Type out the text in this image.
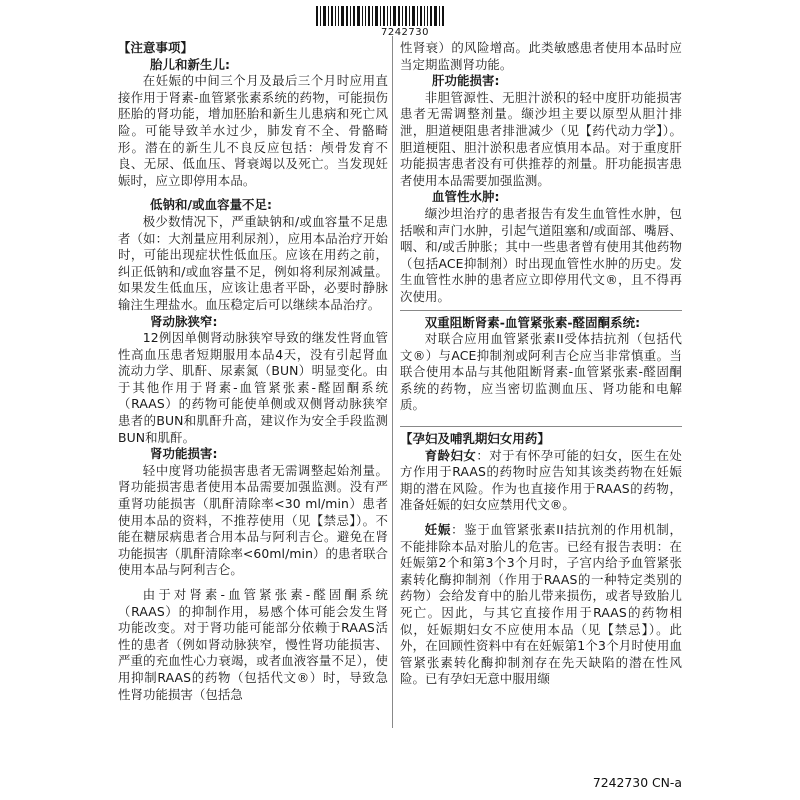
7242730

【注意事项】

胎儿和新生儿:

在妊娠的中间三个月及最后三个月时应用直接作用于肾素-血管紧张素系统的药物，可能损伤胚胎的肾功能，增加胚胎和新生儿患病和死亡风险。可能导致羊水过少，肺发育不全、骨骼畸形。潜在的新生儿不良反应包括：颅骨发育不良、无尿、低血压、肾衰竭以及死亡。当发现妊娠时，应立即停用本品。

低钠和/或血容量不足:

极少数情况下，严重缺钠和/或血容量不足患者（如：大剂量应用利尿剂），应用本品治疗开始时，可能出现症状性低血压。应该在用药之前，纠正低钠和/或血容量不足，例如将利尿剂减量。如果发生低血压，应该让患者平卧，必要时静脉输注生理盐水。血压稳定后可以继续本品治疗。

肾动脉狭窄:

12例因单侧肾动脉狭窄导致的继发性肾血管性高血压患者短期服用本品4天，没有引起肾血流动力学、肌酐、尿素氮（BUN）明显变化。由于其他作用于肾素-血管紧张素-醛固酮系统（RAAS）的药物可能使单侧或双侧肾动脉狭窄患者的BUN和肌酐升高，建议作为安全手段监测BUN和肌酐。

肾功能损害:

轻中度肾功能损害患者无需调整起始剂量。肾功能损害患者使用本品需要加强监测。没有严重肾功能损害（肌酐清除率<30 ml/min）患者使用本品的资料，不推荐使用（见【禁忌】）。不能在糖尿病患者合用本品与阿利吉仑。避免在肾功能损害（肌酐清除率<60ml/min）的患者联合使用本品与阿利吉仑。

由于对肾素-血管紧张素-醛固酮系统（RAAS）的抑制作用，易感个体可能会发生肾功能改变。对于肾功能可能部分依赖于RAAS活性的患者（例如肾动脉狭窄，慢性肾功能损害、严重的充血性心力衰竭，或者血液容量不足），使用抑制RAAS的药物（包括代文®）时，导致急性肾功能损害（包括急

性肾衰）的风险增高。此类敏感患者使用本品时应当定期监测肾功能。

肝功能损害:

非胆管源性、无胆汁淤积的轻中度肝功能损害患者无需调整剂量。缬沙坦主要以原型从胆汁排泄，胆道梗阻患者排泄减少（见【药代动力学】）。胆道梗阻、胆汁淤积患者应慎用本品。对于重度肝功能损害患者没有可供推荐的剂量。肝功能损害患者使用本品需要加强监测。

血管性水肿:

缬沙坦治疗的患者报告有发生血管性水肿，包括喉和声门水肿，引起气道阻塞和/或面部、嘴唇、咽、和/或舌肿胀；其中一些患者曾有使用其他药物（包括ACE抑制剂）时出现血管性水肿的历史。发生血管性水肿的患者应立即停用代文®，且不得再次使用。

双重阻断肾素-血管紧张素-醛固酮系统:

对联合应用血管紧张素II受体拮抗剂（包括代文®）与ACE抑制剂或阿利吉仑应当非常慎重。当联合使用本品与其他阻断肾素-血管紧张素-醛固酮系统的药物，应当密切监测血压、肾功能和电解质。

【孕妇及哺乳期妇女用药】

育龄妇女：对于有怀孕可能的妇女，医生在处方作用于RAAS的药物时应告知其该类药物在妊娠期的潜在风险。作为也直接作用于RAAS的药物，准备妊娠的妇女应禁用代文®。

妊娠：鉴于血管紧张素II拮抗剂的作用机制，不能排除本品对胎儿的危害。已经有报告表明：在妊娠第2个和第3个3个月时，子宫内给予血管紧张素转化酶抑制剂（作用于RAAS的一种特定类别的药物）会给发育中的胎儿带来损伤，或者导致胎儿死亡。因此，与其它直接作用于RAAS的药物相似，妊娠期妇女不应使用本品（见【禁忌】）。此外，在回顾性资料中有在妊娠第1个3个月时使用血管紧张素转化酶抑制剂存在先天缺陷的潜在性风险。已有孕妇无意中服用缬

7242730 CN-a
